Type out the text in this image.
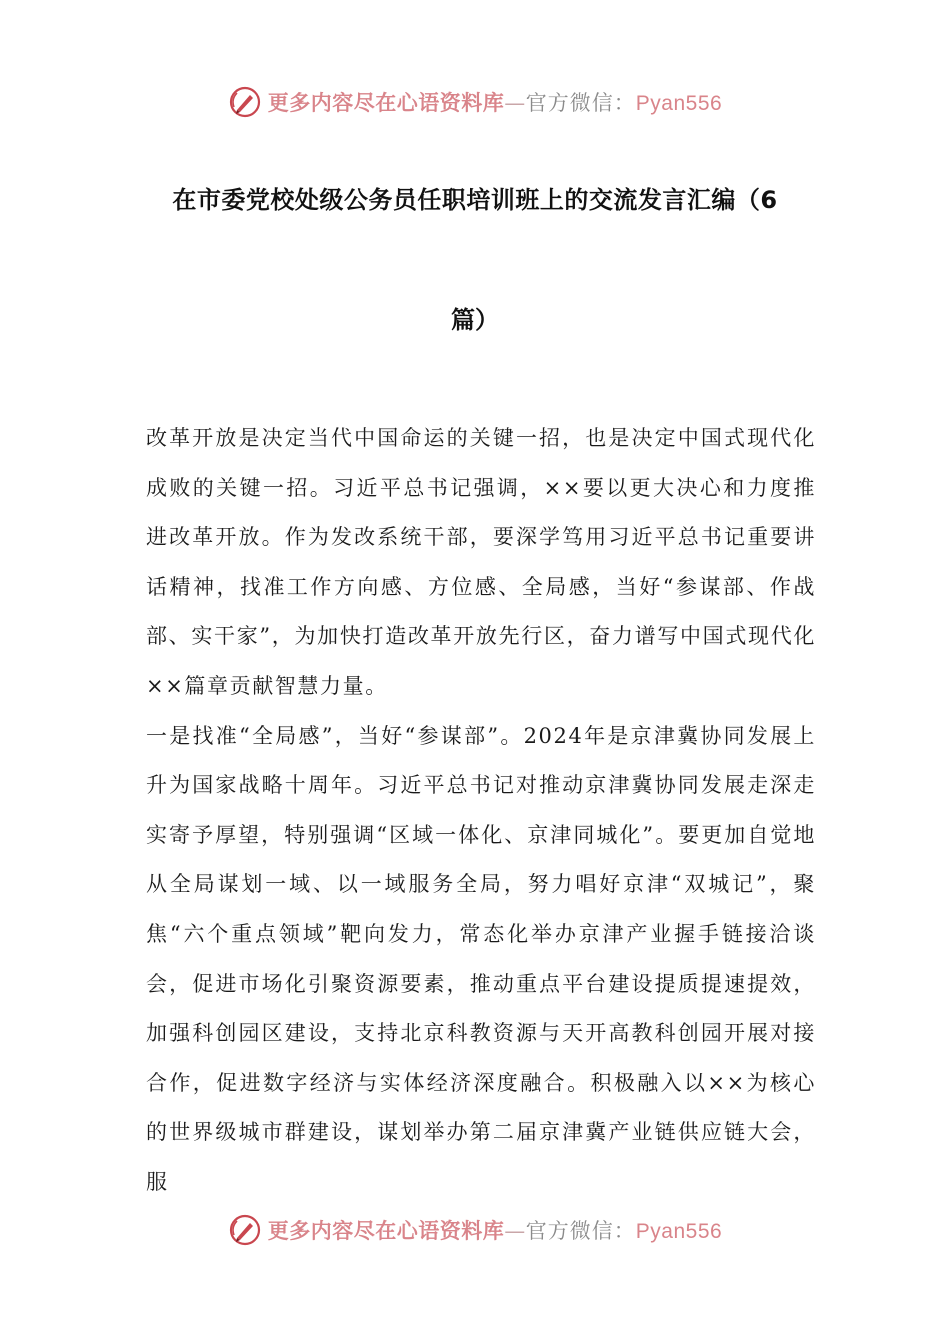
更多内容尽在心语资料库—官方微信：Pyan556
在市委党校处级公务员任职培训班上的交流发言汇编（6
篇）

改革开放是决定当代中国命运的关键一招，也是决定中国式现代化成败的关键一招。习近平总书记强调，××要以更大决心和力度推进改革开放。作为发改系统干部，要深学笃用习近平总书记重要讲话精神，找准工作方向感、方位感、全局感，当好“参谋部、作战部、实干家”，为加快打造改革开放先行区，奋力谱写中国式现代化××篇章贡献智慧力量。

一是找准“全局感”，当好“参谋部”。2024年是京津冀协同发展上升为国家战略十周年。习近平总书记对推动京津冀协同发展走深走实寄予厚望，特别强调“区域一体化、京津同城化”。要更加自觉地从全局谋划一域、以一域服务全局，努力唱好京津“双城记”，聚焦“六个重点领域”靶向发力，常态化举办京津产业握手链接洽谈会，促进市场化引聚资源要素，推动重点平台建设提质提速提效，加强科创园区建设，支持北京科教资源与天开高教科创园开展对接合作，促进数字经济与实体经济深度融合。积极融入以××为核心的世界级城市群建设，谋划举办第二届京津冀产业链供应链大会，服

更多内容尽在心语资料库—官方微信：Pyan556
